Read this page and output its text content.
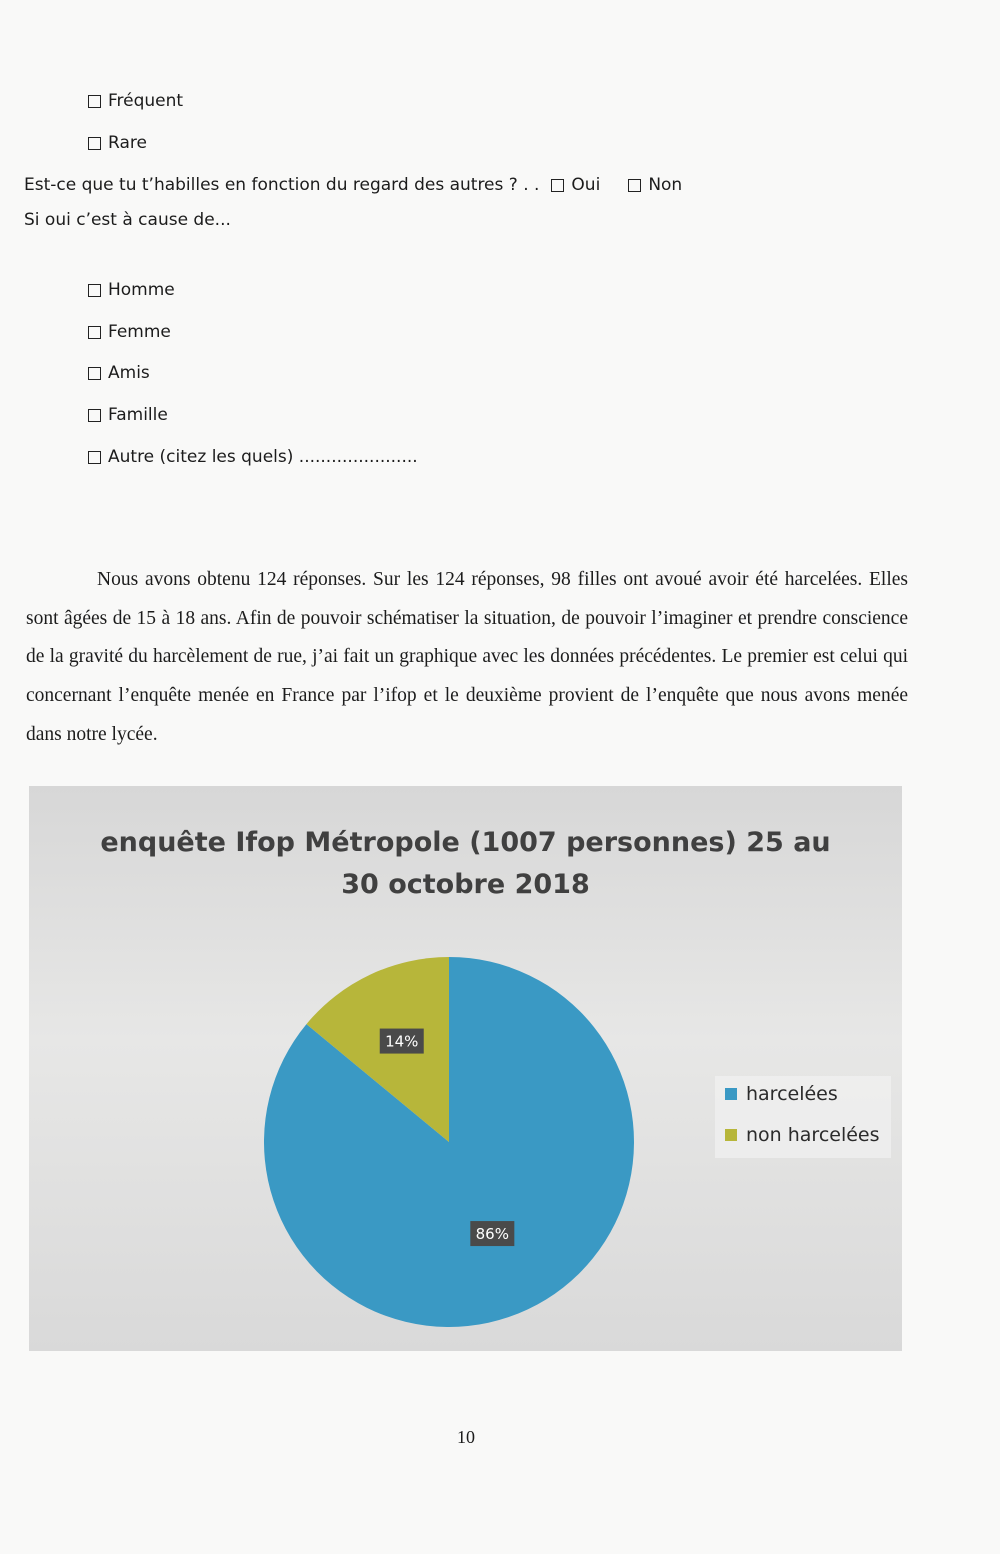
Fréquent
Rare
Est-ce que tu t’habilles en fonction du regard des autres ? . . Oui	Non
Si oui c’est à cause de...
Homme
Femme
Amis
Famille
Autre (citez les quels) ......................

Nous avons obtenu 124 réponses. Sur les 124 réponses, 98 filles ont avoué avoir été harcelées. Elles sont âgées de 15 à 18 ans. Afin de pouvoir schématiser la situation, de pouvoir l’imaginer et prendre conscience de la gravité du harcèlement de rue, j’ai fait un graphique avec les données précédentes. Le premier est celui qui concernant l’enquête menée en France par l’ifop et le deuxième provient de l’enquête que nous avons menée dans notre lycée.

enquête Ifop Métropole (1007 personnes) 25 au
30 octobre 2018
86%
14%
harcelées
non harcelées
10
